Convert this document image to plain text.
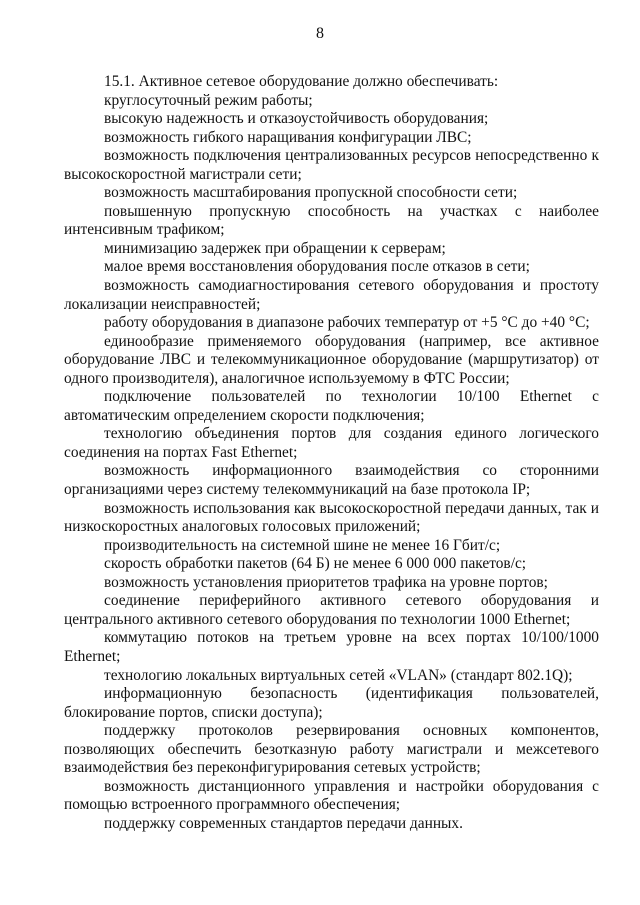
8

15.1. Активное сетевое оборудование должно обеспечивать:

круглосуточный режим работы;

высокую надежность и отказоустойчивость оборудования;

возможность гибкого наращивания конфигурации ЛВС;

возможность подключения централизованных ресурсов непосредственно к высокоскоростной магистрали сети;

возможность масштабирования пропускной способности сети;

повышенную пропускную способность на участках с наиболее интенсивным трафиком;

минимизацию задержек при обращении к серверам;

малое время восстановления оборудования после отказов в сети;

возможность самодиагностирования сетевого оборудования и простоту локализации неисправностей;

работу оборудования в диапазоне рабочих температур от +5 °С до +40 °С;

единообразие применяемого оборудования (например, все активное оборудование ЛВС и телекоммуникационное оборудование (маршрутизатор) от одного производителя), аналогичное используемому в ФТС России;

подключение пользователей по технологии 10/100 Ethernet с автоматическим определением скорости подключения;

технологию объединения портов для создания единого логического соединения на портах Fast Ethernet;

возможность информационного взаимодействия со сторонними организациями через систему телекоммуникаций на базе протокола IP;

возможность использования как высокоскоростной передачи данных, так и низкоскоростных аналоговых голосовых приложений;

производительность на системной шине не менее 16 Гбит/с;

скорость обработки пакетов (64 Б) не менее 6 000 000 пакетов/с;

возможность установления приоритетов трафика на уровне портов;

соединение периферийного активного сетевого оборудования и центрального активного сетевого оборудования по технологии 1000 Ethernet;

коммутацию потоков на третьем уровне на всех портах 10/100/1000 Ethernet;

технологию локальных виртуальных сетей «VLAN» (стандарт 802.1Q);

информационную безопасность (идентификация пользователей, блокирование портов, списки доступа);

поддержку протоколов резервирования основных компонентов, позволяющих обеспечить безотказную работу магистрали и межсетевого взаимодействия без переконфигурирования сетевых устройств;

возможность дистанционного управления и настройки оборудования с помощью встроенного программного обеспечения;

поддержку современных стандартов передачи данных.
